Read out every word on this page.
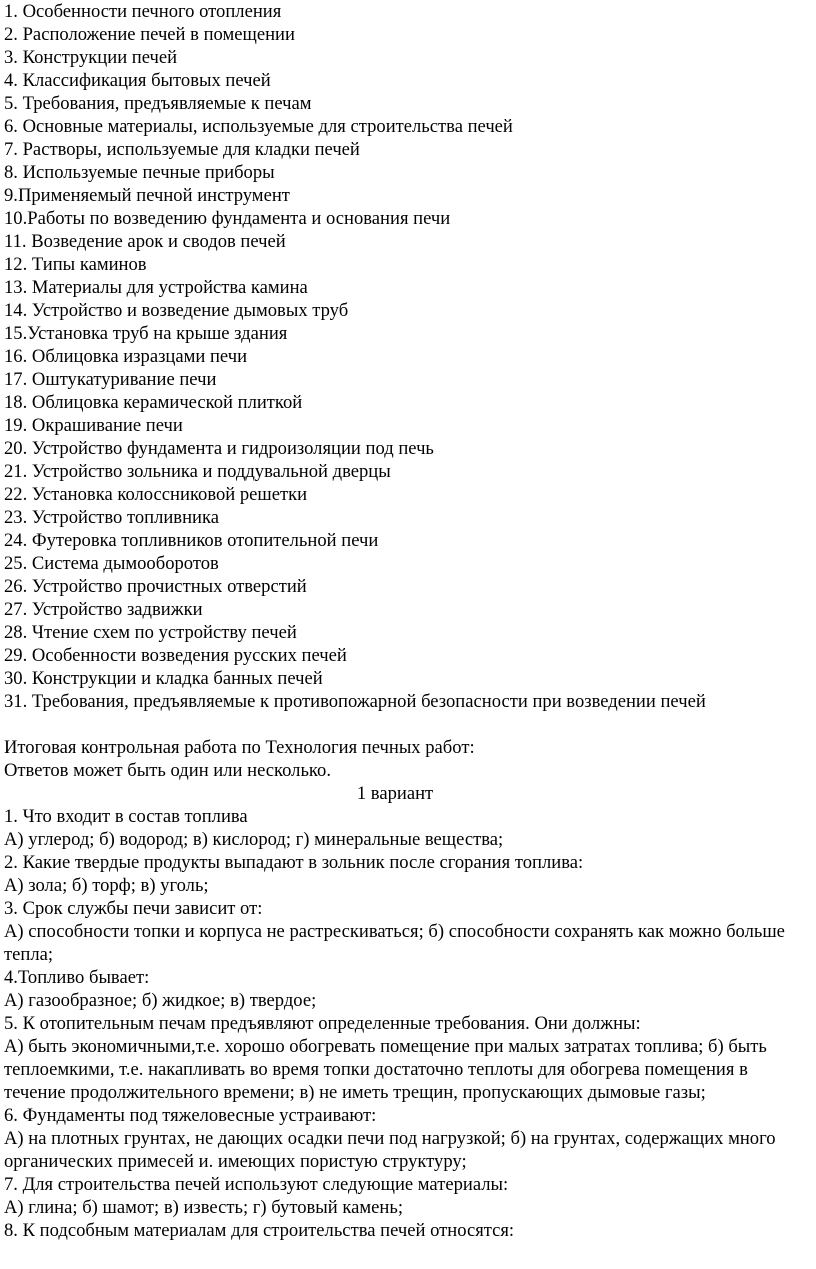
1. Особенности печного отопления

2. Расположение печей в помещении

3. Конструкции печей

4. Классификация бытовых печей

5. Требования, предъявляемые к печам

6. Основные материалы, используемые для строительства печей

7. Растворы, используемые для кладки печей

8. Используемые печные приборы

9.Применяемый печной инструмент

10.Работы по возведению фундамента и основания печи

11. Возведение арок и сводов печей

12. Типы каминов

13. Материалы для устройства камина

14. Устройство и возведение дымовых труб

15.Установка труб на крыше здания

16. Облицовка изразцами печи

17. Оштукатуривание печи

18. Облицовка керамической плиткой

19. Окрашивание печи

20. Устройство фундамента и гидроизоляции под печь

21. Устройство зольника и поддувальной дверцы

22. Установка колоссниковой решетки

23. Устройство топливника

24. Футеровка топливников отопительной печи

25. Система дымооборотов

26. Устройство прочистных отверстий

27. Устройство задвижки

28. Чтение схем по устройству печей

29. Особенности возведения русских печей

30. Конструкции и кладка банных печей

31. Требования, предъявляемые к противопожарной безопасности при возведении печей

Итоговая контрольная работа по Технология печных работ:

Ответов может быть один или несколько.

1 вариант

1. Что входит в состав топлива

А) углерод; б) водород; в) кислород; г) минеральные вещества;

2. Какие твердые продукты выпадают в зольник после сгорания топлива:

А) зола; б) торф; в) уголь;

3. Срок службы печи зависит от:

А) способности топки и корпуса не растрескиваться; б) способности сохранять как можно больше тепла;

4.Топливо бывает:

А) газообразное; б) жидкое; в) твердое;

5. К отопительным печам предъявляют определенные требования. Они должны:

А) быть экономичными,т.е. хорошо обогревать помещение при малых затратах топлива; б) быть теплоемкими, т.е. накапливать во время топки достаточно теплоты для обогрева помещения в течение продолжительного времени; в) не иметь трещин, пропускающих дымовые газы;

6. Фундаменты под тяжеловесные устраивают:

А) на плотных грунтах, не дающих осадки печи под нагрузкой; б) на грунтах, содержащих много органических примесей и. имеющих пористую структуру;

7. Для строительства печей используют следующие материалы:

А) глина; б) шамот; в) известь; г) бутовый камень;

8. К подсобным материалам для строительства печей относятся:
